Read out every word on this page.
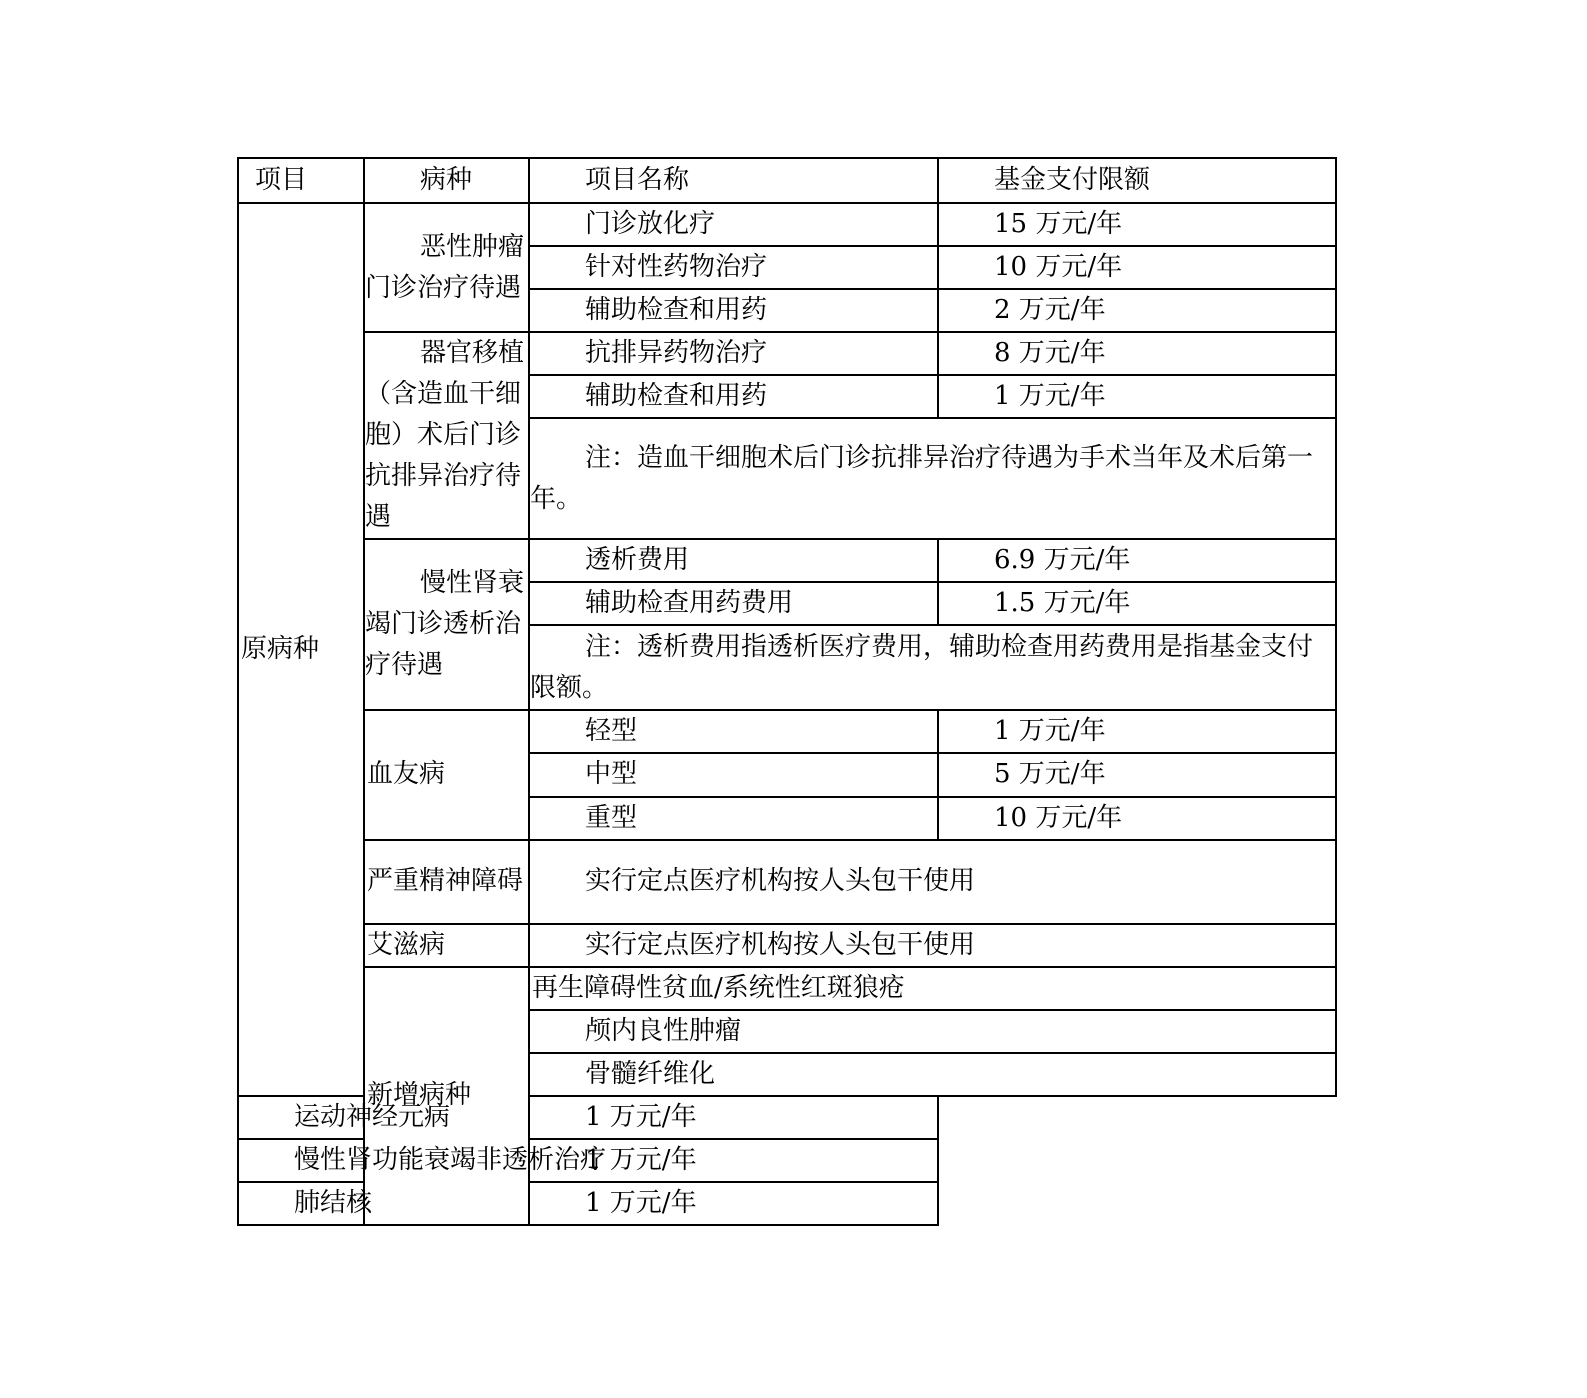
项目	病种	项目名称	基金支付限额	
原病种	恶性肿瘤门诊治疗待遇	门诊放化疗	15 万元/年	
		针对性药物治疗	10 万元/年	
		辅助检查和用药	2 万元/年	
	器官移植（含造血干细胞）术后门诊抗排异治疗待遇	抗排异药物治疗	8 万元/年	
		辅助检查和用药	1 万元/年	
		注：造血干细胞术后门诊抗排异治疗待遇为手术当年及术后第一年。		
	慢性肾衰竭门诊透析治疗待遇	透析费用	6.9 万元/年	
		辅助检查用药费用	1.5 万元/年	
		注：透析费用指透析医疗费用，辅助检查用药费用是指基金支付限额。		
	血友病	轻型	1 万元/年	
		中型	5 万元/年	
		重型	10 万元/年	
	严重精神障碍	实行定点医疗机构按人头包干使用		
	艾滋病	实行定点医疗机构按人头包干使用		
	新增病种	再生障碍性贫血/系统性红斑狼疮	
		颅内良性肿瘤	
		骨髓纤维化	
运动神经元病		1 万元/年		
慢性肾功能衰竭非透析治疗		1 万元/年		
肺结核		1 万元/年		
